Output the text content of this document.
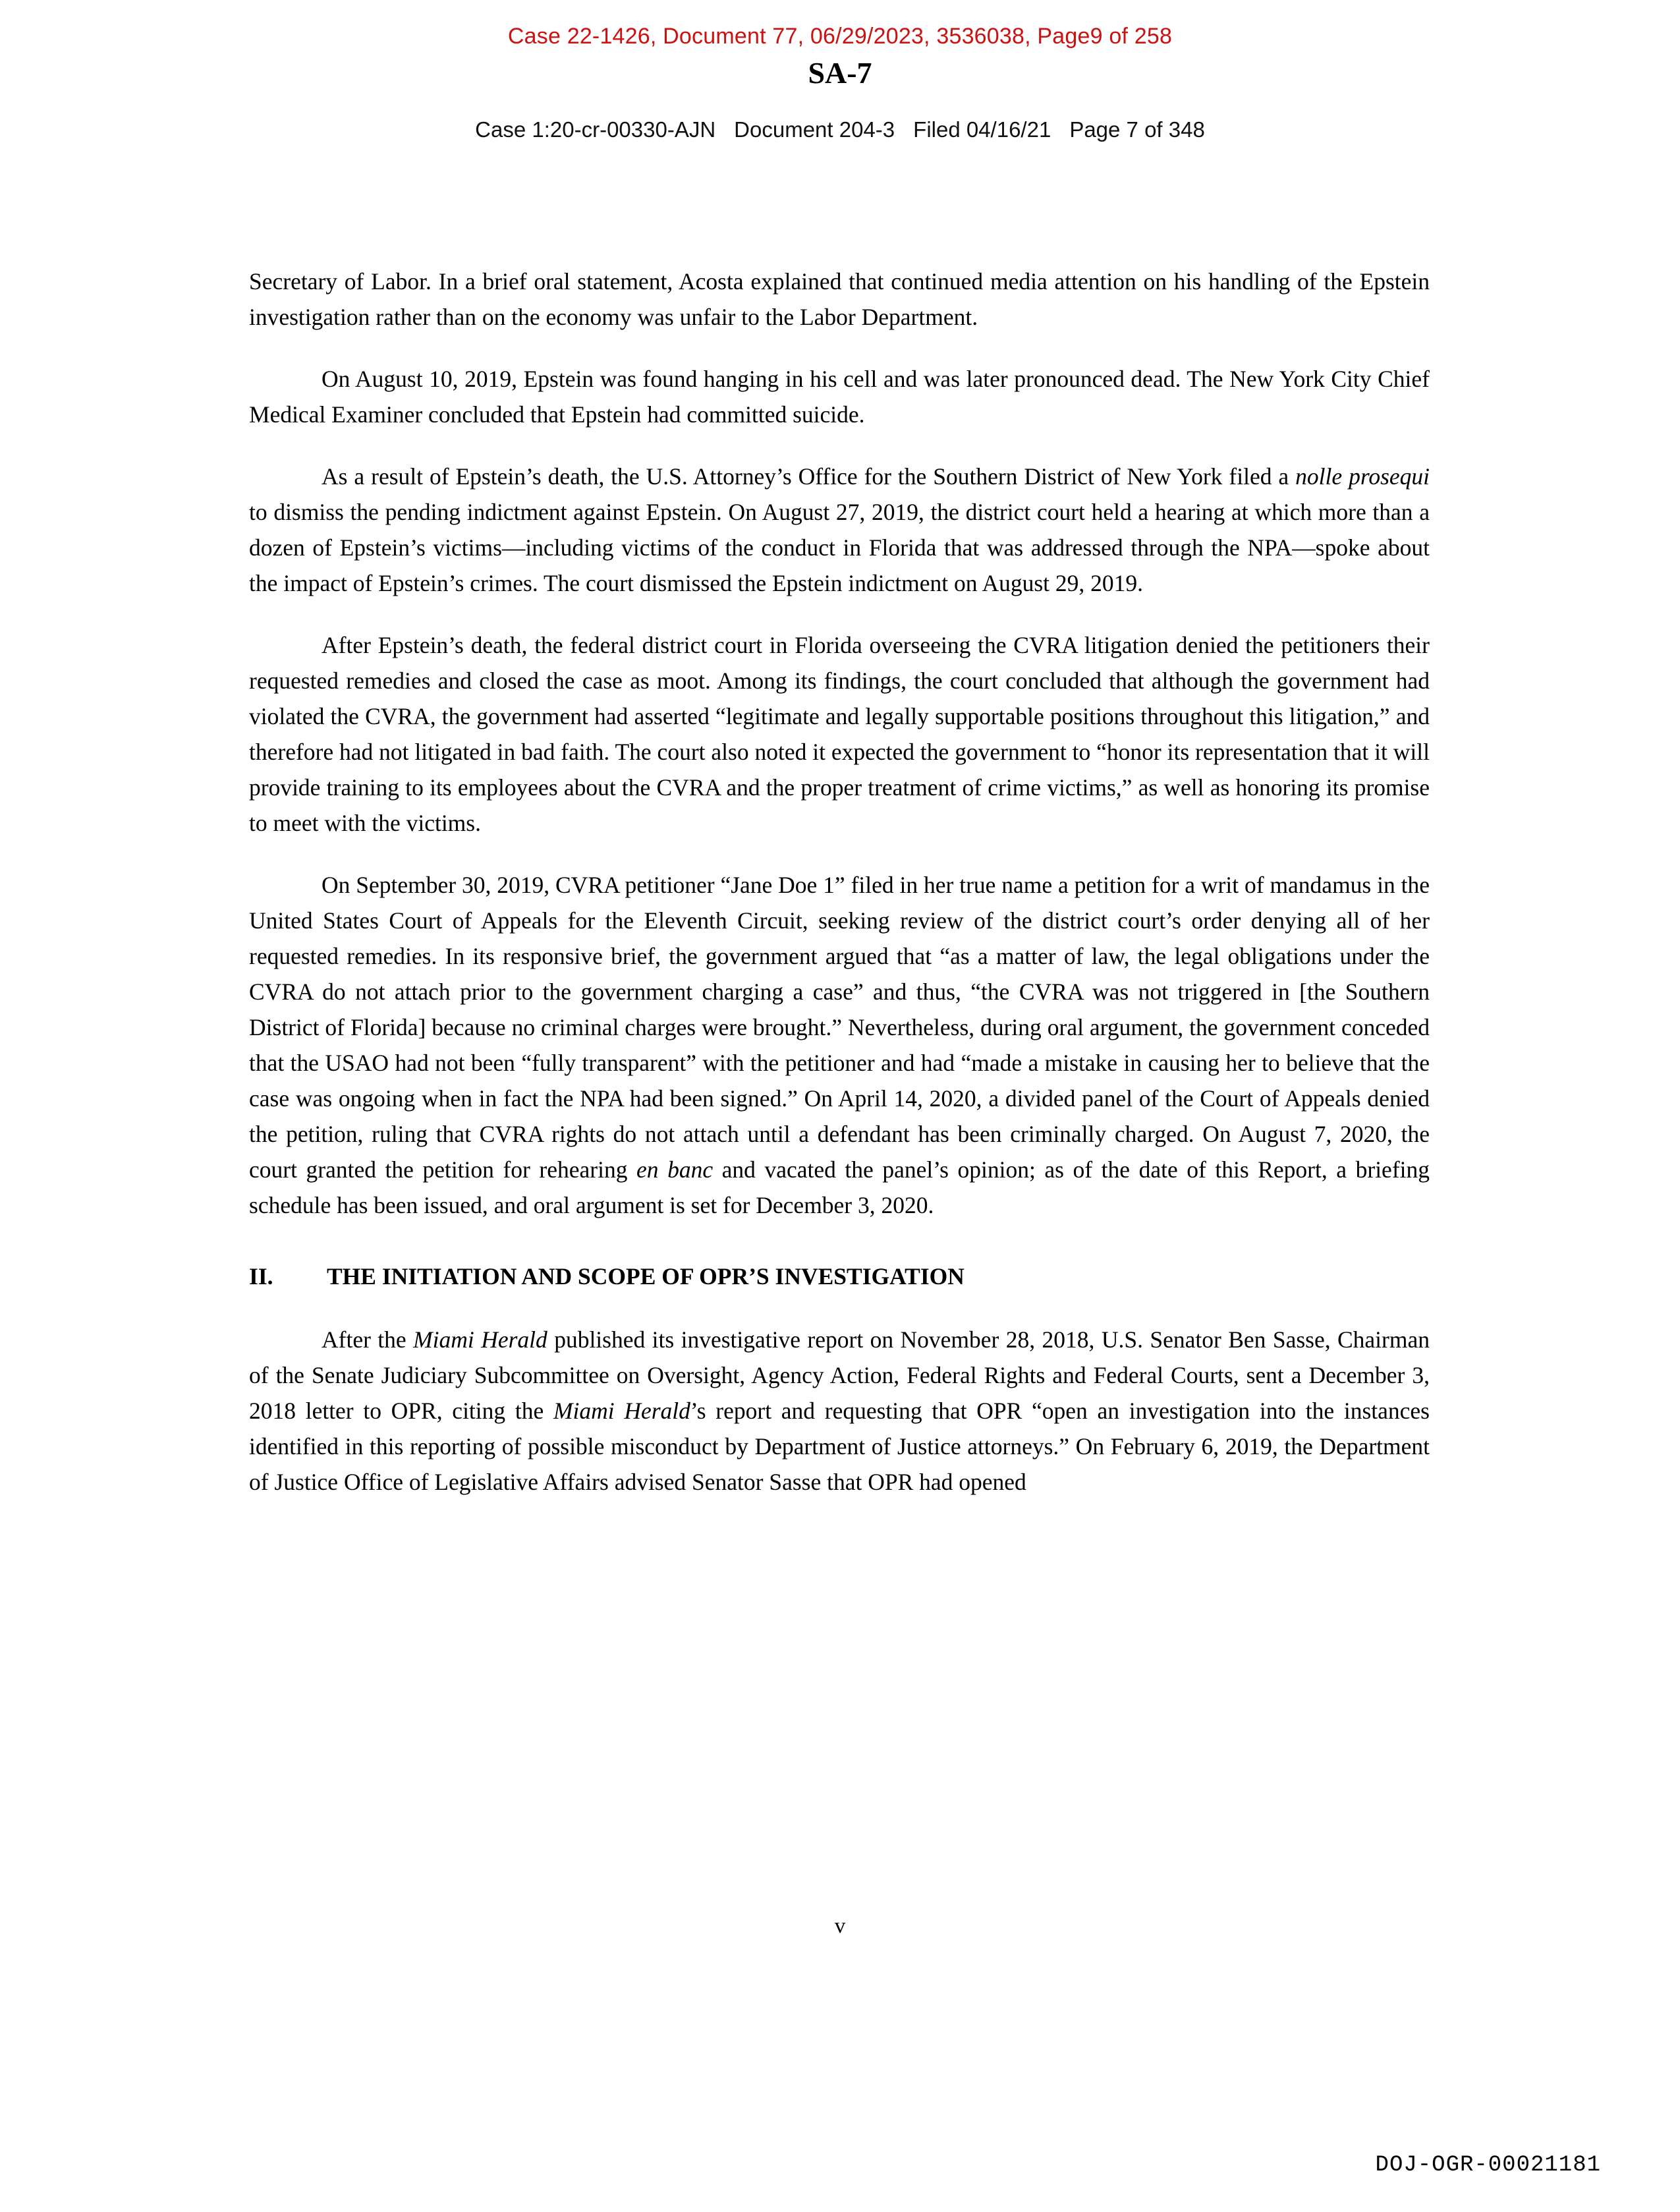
Case 22-1426, Document 77, 06/29/2023, 3536038, Page9 of 258
SA-7
Case 1:20-cr-00330-AJN Document 204-3 Filed 04/16/21 Page 7 of 348

Secretary of Labor. In a brief oral statement, Acosta explained that continued media attention on his handling of the Epstein investigation rather than on the economy was unfair to the Labor Department.

On August 10, 2019, Epstein was found hanging in his cell and was later pronounced dead. The New York City Chief Medical Examiner concluded that Epstein had committed suicide.

As a result of Epstein’s death, the U.S. Attorney’s Office for the Southern District of New York filed a nolle prosequi to dismiss the pending indictment against Epstein. On August 27, 2019, the district court held a hearing at which more than a dozen of Epstein’s victims—including victims of the conduct in Florida that was addressed through the NPA—spoke about the impact of Epstein’s crimes. The court dismissed the Epstein indictment on August 29, 2019.

After Epstein’s death, the federal district court in Florida overseeing the CVRA litigation denied the petitioners their requested remedies and closed the case as moot. Among its findings, the court concluded that although the government had violated the CVRA, the government had asserted “legitimate and legally supportable positions throughout this litigation,” and therefore had not litigated in bad faith. The court also noted it expected the government to “honor its representation that it will provide training to its employees about the CVRA and the proper treatment of crime victims,” as well as honoring its promise to meet with the victims.

On September 30, 2019, CVRA petitioner “Jane Doe 1” filed in her true name a petition for a writ of mandamus in the United States Court of Appeals for the Eleventh Circuit, seeking review of the district court’s order denying all of her requested remedies. In its responsive brief, the government argued that “as a matter of law, the legal obligations under the CVRA do not attach prior to the government charging a case” and thus, “the CVRA was not triggered in [the Southern District of Florida] because no criminal charges were brought.” Nevertheless, during oral argument, the government conceded that the USAO had not been “fully transparent” with the petitioner and had “made a mistake in causing her to believe that the case was ongoing when in fact the NPA had been signed.” On April 14, 2020, a divided panel of the Court of Appeals denied the petition, ruling that CVRA rights do not attach until a defendant has been criminally charged. On August 7, 2020, the court granted the petition for rehearing en banc and vacated the panel’s opinion; as of the date of this Report, a briefing schedule has been issued, and oral argument is set for December 3, 2020.

II.	THE INITIATION AND SCOPE OF OPR’S INVESTIGATION

After the Miami Herald published its investigative report on November 28, 2018, U.S. Senator Ben Sasse, Chairman of the Senate Judiciary Subcommittee on Oversight, Agency Action, Federal Rights and Federal Courts, sent a December 3, 2018 letter to OPR, citing the Miami Herald’s report and requesting that OPR “open an investigation into the instances identified in this reporting of possible misconduct by Department of Justice attorneys.” On February 6, 2019, the Department of Justice Office of Legislative Affairs advised Senator Sasse that OPR had opened

v
DOJ-OGR-00021181
